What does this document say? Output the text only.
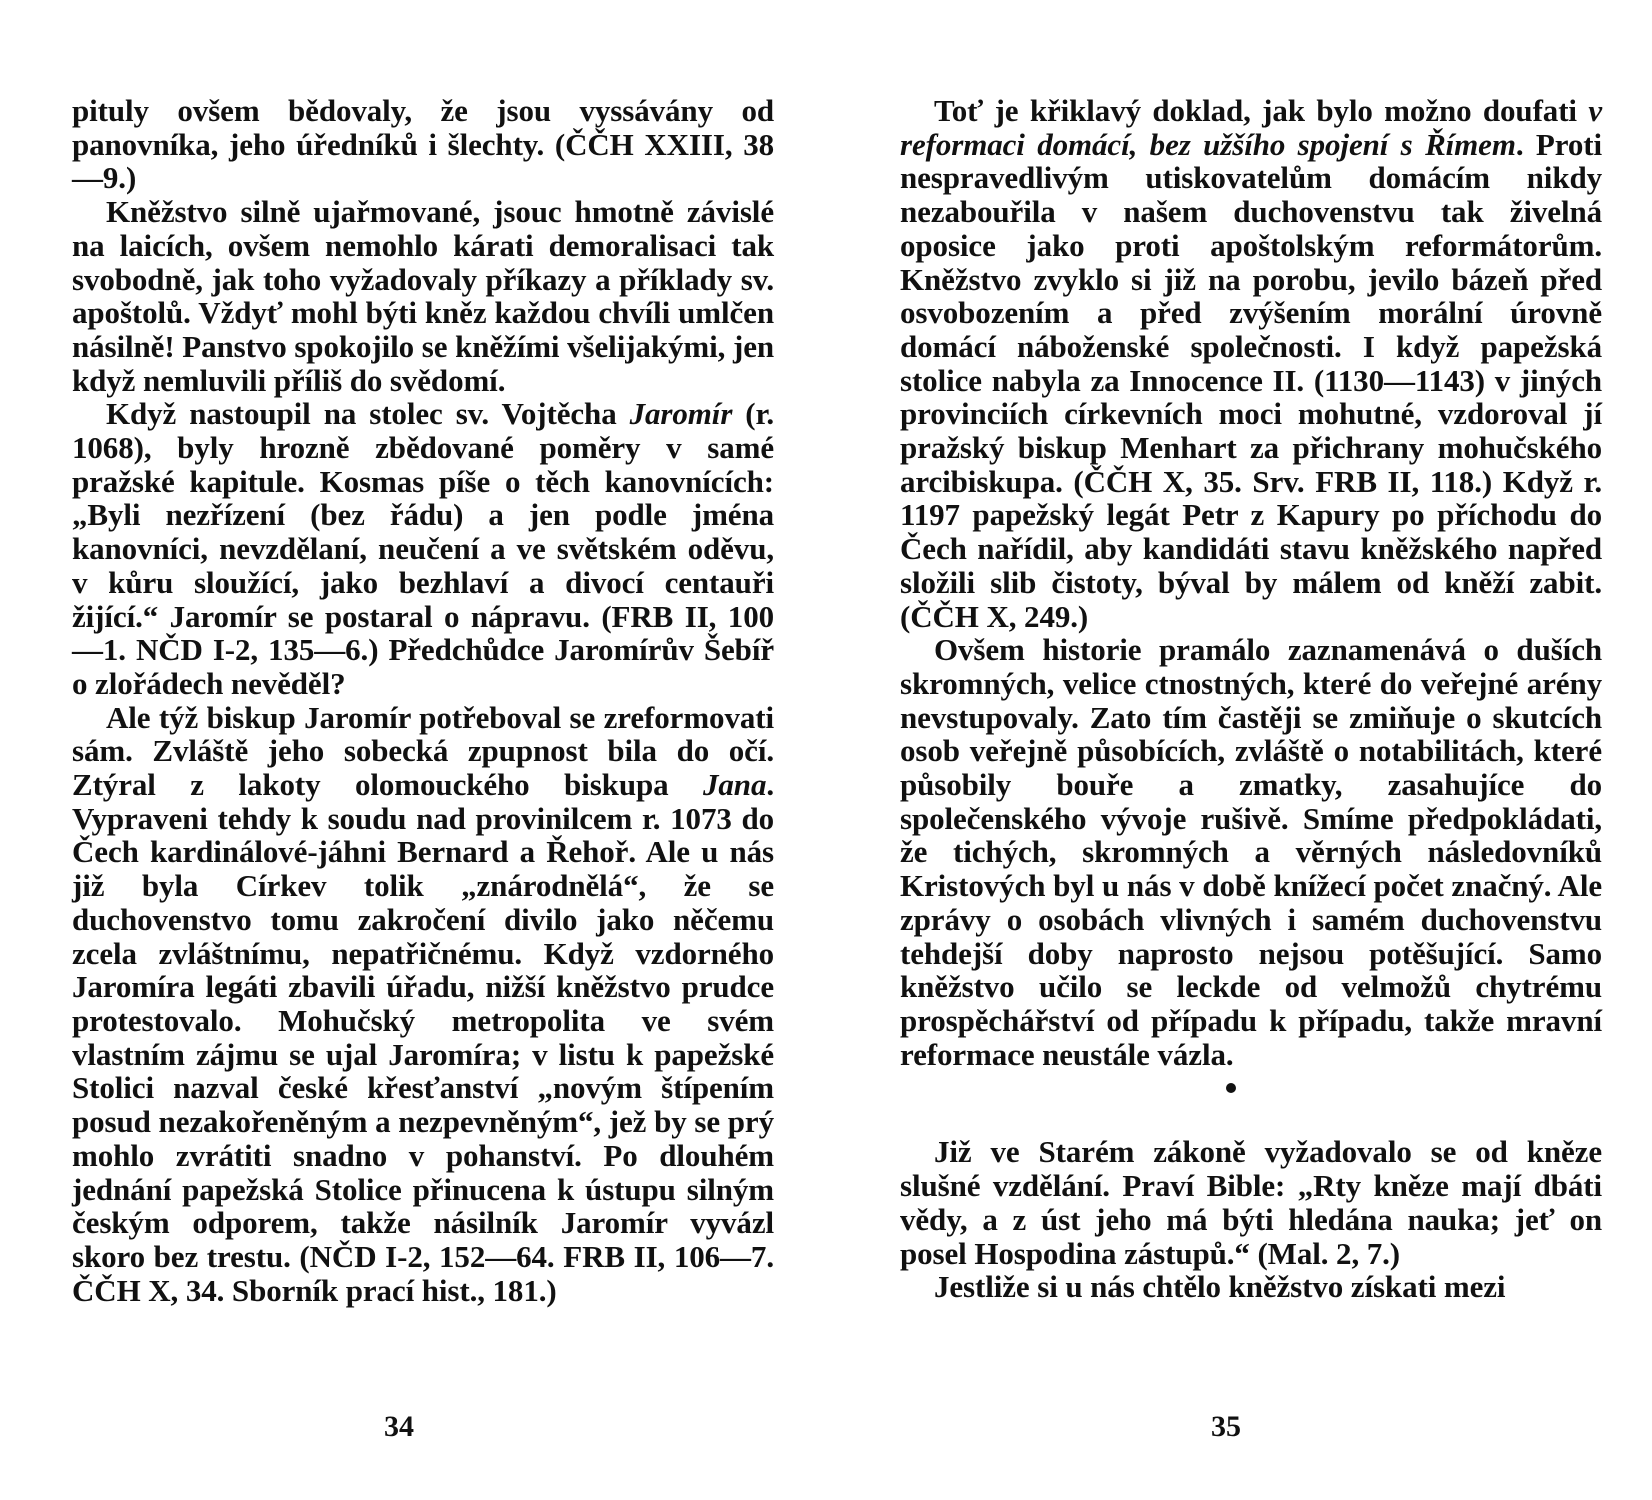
pituly ovšem bědovaly, že jsou vyssávány od panovníka, jeho úředníků i šlechty. (ČČH XXIII, 38—9.)

Kněžstvo silně ujařmované, jsouc hmotně závislé na laicích, ovšem nemohlo kárati demoralisaci tak svobodně, jak toho vyžadovaly příkazy a příklady sv. apoštolů. Vždyť mohl býti kněz každou chvíli umlčen násilně! Panstvo spokojilo se kněžími všelijakými, jen když nemluvili příliš do svědomí.

Když nastoupil na stolec sv. Vojtěcha Jaromír (r. 1068), byly hrozně zbědované poměry v samé pražské kapitule. Kosmas píše o těch kanovnících: „Byli nezřízení (bez řádu) a jen podle jména kanovníci, nevzdělaní, neučení a ve světském oděvu, v kůru sloužící, jako bezhlaví a divocí centauři žijící.“ Jaromír se postaral o nápravu. (FRB II, 100—1. NČD I-2, 135—6.) Předchůdce Jaromírův Šebíř o zlořádech nevěděl?

Ale týž biskup Jaromír potřeboval se zreformovati sám. Zvláště jeho sobecká zpupnost bila do očí. Ztýral z lakoty olomouckého biskupa Jana. Vypraveni tehdy k soudu nad provinilcem r. 1073 do Čech kardinálové-jáhni Bernard a Řehoř. Ale u nás již byla Církev tolik „znárodnělá“, že se duchovenstvo tomu zakročení divilo jako něčemu zcela zvláštnímu, nepatřičnému. Když vzdorného Jaromíra legáti zbavili úřadu, nižší kněžstvo prudce protestovalo. Mohučský metropolita ve svém vlastním zájmu se ujal Jaromíra; v listu k papežské Stolici nazval české křesťanství „novým štípením posud nezakořeněným a nezpevněným“, jež by se prý mohlo zvrátiti snadno v pohanství. Po dlouhém jednání papežská Stolice přinucena k ústupu silným českým odporem, takže násilník Jaromír vyvázl skoro bez trestu. (NČD I-2, 152—64. FRB II, 106—7. ČČH X, 34. Sborník prací hist., 181.)

34

Toť je křiklavý doklad, jak bylo možno doufati v reformaci domácí, bez užšího spojení s Římem. Proti nespravedlivým utiskovatelům domácím nikdy nezabouřila v našem duchovenstvu tak živelná oposice jako proti apoštolským reformátorům. Kněžstvo zvyklo si již na porobu, jevilo bázeň před osvobozením a před zvýšením morální úrovně domácí náboženské společnosti. I když papežská stolice nabyla za Innocence II. (1130—1143) v jiných provinciích církevních moci mohutné, vzdoroval jí pražský biskup Menhart za přichrany mohučského arcibiskupa. (ČČH X, 35. Srv. FRB II, 118.) Když r. 1197 papežský legát Petr z Kapury po příchodu do Čech nařídil, aby kandidáti stavu kněžského napřed složili slib čistoty, býval by málem od kněží zabit. (ČČH X, 249.)

Ovšem historie pramálo zaznamenává o duších skromných, velice ctnostných, které do veřejné arény nevstupovaly. Zato tím častěji se zmiňuje o skutcích osob veřejně působících, zvláště o notabilitách, které působily bouře a zmatky, zasahujíce do společenského vývoje rušivě. Smíme předpokládati, že tichých, skromných a věrných následovníků Kristových byl u nás v době knížecí počet značný. Ale zprávy o osobách vlivných i samém duchovenstvu tehdejší doby naprosto nejsou potěšující. Samo kněžstvo učilo se leckde od velmožů chytrému prospěchářství od případu k případu, takže mravní reformace neustále vázla.

Již ve Starém zákoně vyžadovalo se od kněze slušné vzdělání. Praví Bible: „Rty kněze mají dbáti vědy, a z úst jeho má býti hledána nauka; jeť on posel Hospodina zástupů.“ (Mal. 2, 7.)

Jestliže si u nás chtělo kněžstvo získati mezi

35
